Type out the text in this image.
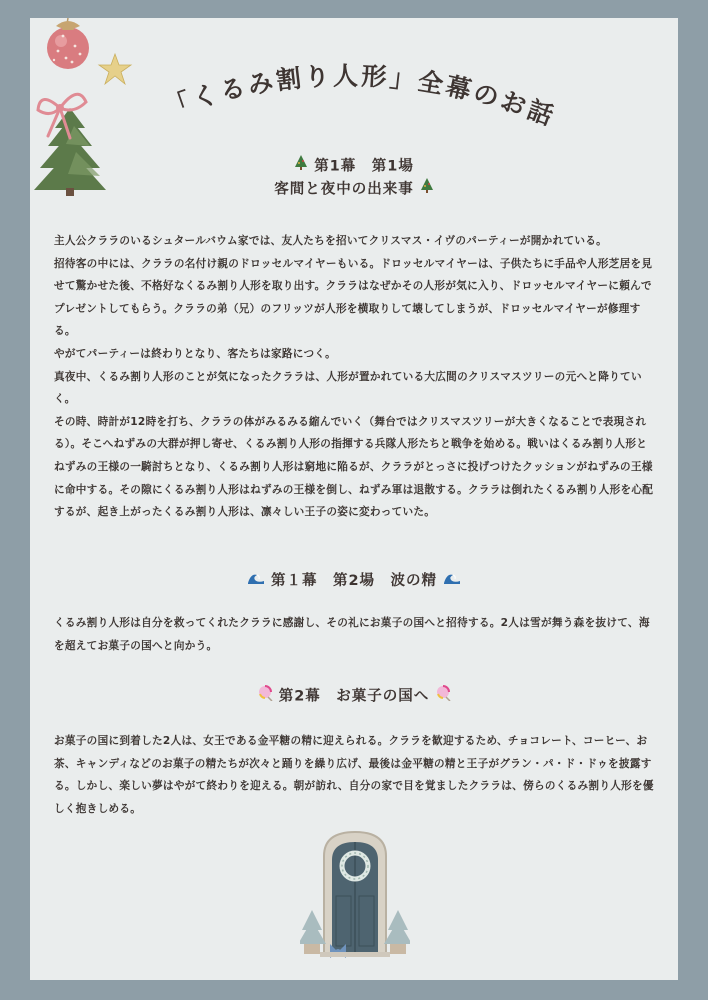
「くるみ割り人形」全幕のお話
第1幕　第1場
客間と夜中の出来事

主人公クララのいるシュタールバウム家では、友人たちを招いてクリスマス・イヴのパーティーが開かれている。

招待客の中には、クララの名付け親のドロッセルマイヤーもいる。ドロッセルマイヤーは、子供たちに手品や人形芝居を見せて驚かせた後、不格好なくるみ割り人形を取り出す。クララはなぜかその人形が気に入り、ドロッセルマイヤーに頼んでプレゼントしてもらう。クララの弟（兄）のフリッツが人形を横取りして壊してしまうが、ドロッセルマイヤーが修理する。

やがてパーティーは終わりとなり、客たちは家路につく。

真夜中、くるみ割り人形のことが気になったクララは、人形が置かれている大広間のクリスマスツリーの元へと降りていく。

その時、時計が12時を打ち、クララの体がみるみる縮んでいく（舞台ではクリスマスツリーが大きくなることで表現される）。そこへねずみの大群が押し寄せ、くるみ割り人形の指揮する兵隊人形たちと戦争を始める。戦いはくるみ割り人形とねずみの王様の一騎討ちとなり、くるみ割り人形は窮地に陥るが、クララがとっさに投げつけたクッションがねずみの王様に命中する。その隙にくるみ割り人形はねずみの王様を倒し、ねずみ軍は退散する。クララは倒れたくるみ割り人形を心配するが、起き上がったくるみ割り人形は、凛々しい王子の姿に変わっていた。

第１幕　第2場　波の精

くるみ割り人形は自分を救ってくれたクララに感謝し、その礼にお菓子の国へと招待する。2人は雪が舞う森を抜けて、海を超えてお菓子の国へと向かう。

第2幕　お菓子の国へ

お菓子の国に到着した2人は、女王である金平糖の精に迎えられる。クララを歓迎するため、チョコレート、コーヒー、お茶、キャンディなどのお菓子の精たちが次々と踊りを繰り広げ、最後は金平糖の精と王子がグラン・パ・ド・ドゥを披露する。しかし、楽しい夢はやがて終わりを迎える。朝が訪れ、自分の家で目を覚ましたクララは、傍らのくるみ割り人形を優しく抱きしめる。
